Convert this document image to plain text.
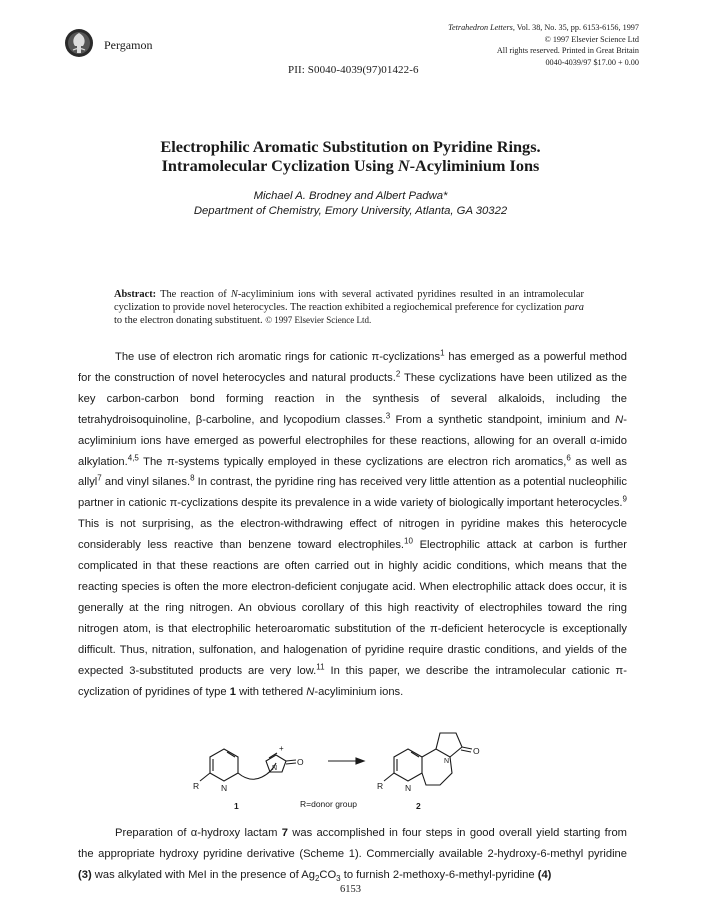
Pergamon
Tetrahedron Letters, Vol. 38, No. 35, pp. 6153-6156, 1997
© 1997 Elsevier Science Ltd
All rights reserved. Printed in Great Britain
0040-4039/97 $17.00 + 0.00
PII: S0040-4039(97)01422-6
Electrophilic Aromatic Substitution on Pyridine Rings.
Intramolecular Cyclization Using N-Acyliminium Ions
Michael A. Brodney and Albert Padwa*
Department of Chemistry, Emory University, Atlanta, GA 30322
Abstract: The reaction of N-acyliminium ions with several activated pyridines resulted in an intramolecular cyclization to provide novel heterocycles. The reaction exhibited a regiochemical preference for cyclization para to the electron donating substituent. © 1997 Elsevier Science Ltd.

The use of electron rich aromatic rings for cationic π-cyclizations$^1$ has emerged as a powerful method for the construction of novel heterocycles and natural products.$^2$ These cyclizations have been utilized as the key carbon-carbon bond forming reaction in the synthesis of several alkaloids, including the tetrahydroisoquinoline, β-carboline, and lycopodium classes.$^3$ From a synthetic standpoint, iminium and N-acyliminium ions have emerged as powerful electrophiles for these reactions, allowing for an overall α-imido alkylation.$^{4,5}$ The π-systems typically employed in these cyclizations are electron rich aromatics,$^6$ as well as allyl$^7$ and vinyl silanes.$^8$ In contrast, the pyridine ring has received very little attention as a potential nucleophilic partner in cationic π-cyclizations despite its prevalence in a wide variety of biologically important heterocycles.$^9$ This is not surprising, as the electron-withdrawing effect of nitrogen in pyridine makes this heterocycle considerably less reactive than benzene toward electrophiles.$^{10}$ Electrophilic attack at carbon is further complicated in that these reactions are often carried out in highly acidic conditions, which means that the reacting species is often the more electron-deficient conjugate acid. When electrophilic attack does occur, it is generally at the ring nitrogen. An obvious corollary of this high reactivity of electrophiles toward the ring nitrogen atom, is that electrophilic heteroaromatic substitution of the π-deficient heterocycle is exceptionally difficult. Thus, nitration, sulfonation, and halogenation of pyridine require drastic conditions, and yields of the expected 3-substituted products are very low.$^{11}$ In this paper, we describe the intramolecular cationic π-cyclization of pyridines of type 1 with tethered N-acyliminium ions.

R	N
O
+
N
R	N
O
N
1	R=donor group	2

Preparation of α-hydroxy lactam 7 was accomplished in four steps in good overall yield starting from the appropriate hydroxy pyridine derivative (Scheme 1). Commercially available 2-hydroxy-6-methyl pyridine (3) was alkylated with MeI in the presence of $Ag_2CO_3$ to furnish 2-methoxy-6-methyl-pyridine (4)

6153
